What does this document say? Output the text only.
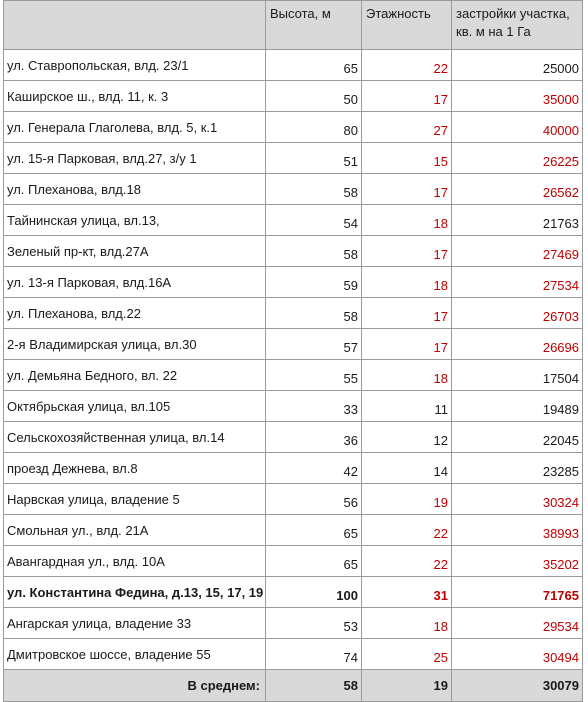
	Высота, м	Этажность	застройки участка,
кв. м на 1 Га
ул. Ставропольская, влд. 23/1	65	22	25000
Каширское ш., влд. 11, к. 3	50	17	35000
ул. Генерала Глаголева, влд. 5, к.1	80	27	40000
ул. 15-я Парковая, влд.27, з/у 1	51	15	26225
ул. Плеханова, влд.18	58	17	26562
Тайнинская улица, вл.13,	54	18	21763
Зеленый пр-кт, влд.27А	58	17	27469
ул. 13-я Парковая, влд.16А	59	18	27534
ул. Плеханова, влд.22	58	17	26703
2-я Владимирская улица, вл.30	57	17	26696
ул. Демьяна Бедного, вл. 22	55	18	17504
Октябрьская улица, вл.105	33	11	19489
Сельскохозяйственная улица, вл.14	36	12	22045
проезд Дежнева, вл.8	42	14	23285
Нарвская улица, владение 5	56	19	30324
Смольная ул., влд. 21А	65	22	38993
Авангардная ул., влд. 10А	65	22	35202
ул. Константина Федина, д.13, 15, 17, 19	100	31	71765
Ангарская улица, владение 33	53	18	29534
Дмитровское шоссе, владение 55	74	25	30494
В среднем:	58	19	30079
